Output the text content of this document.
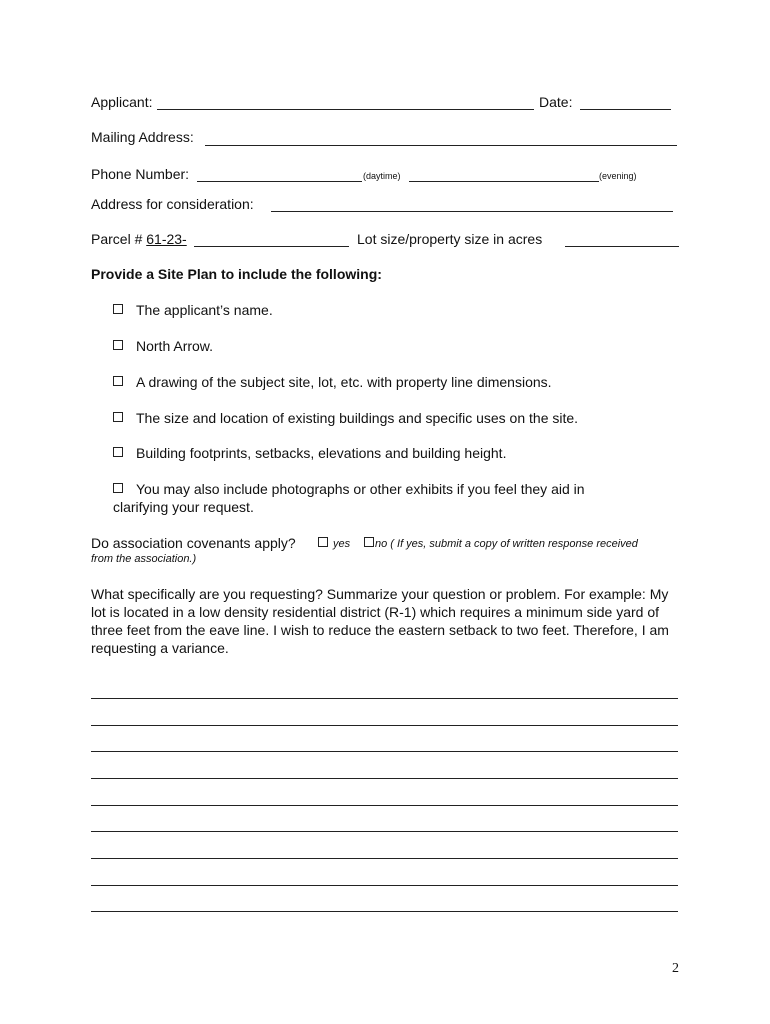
Applicant:	Date:
Mailing Address:
Phone Number:	(daytime)	(evening)
Address for consideration:
Parcel # 61-23-	Lot size/property size in acres
Provide a Site Plan to include the following:
The applicant’s name.
North Arrow.
A drawing of the subject site, lot, etc. with property line dimensions.
The size and location of existing buildings and specific uses on the site.
Building footprints, setbacks, elevations and building height.
You may also include photographs or other exhibits if you feel they aid in
clarifying your request.
Do association covenants apply?	yes no ( If yes, submit a copy of written response received
from the association.)
What specifically are you requesting? Summarize your question or problem. For example: My lot is located in a low density residential district (R-1) which requires a minimum side yard of three feet from the eave line. I wish to reduce the eastern setback to two feet. Therefore, I am requesting a variance.
2
